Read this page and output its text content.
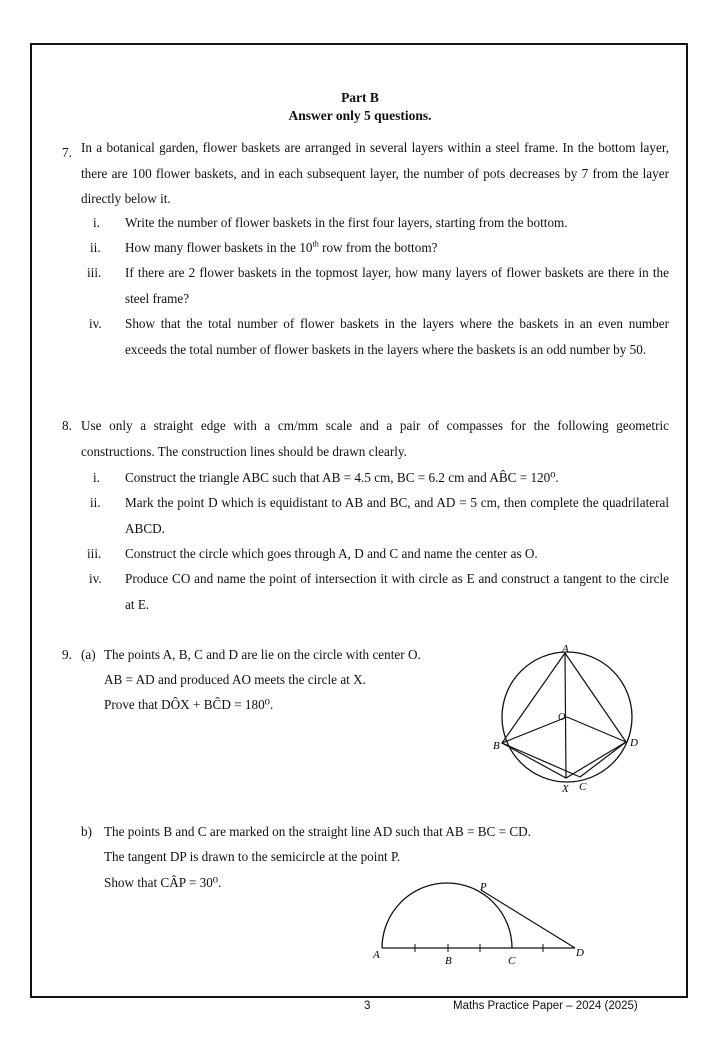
Part B
Answer only 5 questions.
7. In a botanical garden, flower baskets are arranged in several layers within a steel frame. In the bottom layer, there are 100 flower baskets, and in each subsequent layer, the number of pots decreases by 7 from the layer directly below it.
i. Write the number of flower baskets in the first four layers, starting from the bottom.
ii. How many flower baskets in the 10th row from the bottom?
iii. If there are 2 flower baskets in the topmost layer, how many layers of flower baskets are there in the steel frame?
iv. Show that the total number of flower baskets in the layers where the baskets in an even number exceeds the total number of flower baskets in the layers where the baskets is an odd number by 50.
8. Use only a straight edge with a cm/mm scale and a pair of compasses for the following geometric constructions. The construction lines should be drawn clearly.
i. Construct the triangle ABC such that AB = 4.5 cm, BC = 6.2 cm and AB̂C = 120⁰.
ii. Mark the point D which is equidistant to AB and BC, and AD = 5 cm, then complete the quadrilateral ABCD.
iii. Construct the circle which goes through A, D and C and name the center as O.
iv. Produce CO and name the point of intersection it with circle as E and construct a tangent to the circle at E.
9. (a) The points A, B, C and D are lie on the circle with center O.
AB = AD and produced AO meets the circle at X.
Prove that DÔX + BĈD = 180⁰.
A
O
B	D
X C
b) The points B and C are marked on the straight line AD such that AB = BC = CD.
The tangent DP is drawn to the semicircle at the point P.
Show that CÂP = 30⁰.
A	B	C
D
P
3	Maths Practice Paper – 2024 (2025)
